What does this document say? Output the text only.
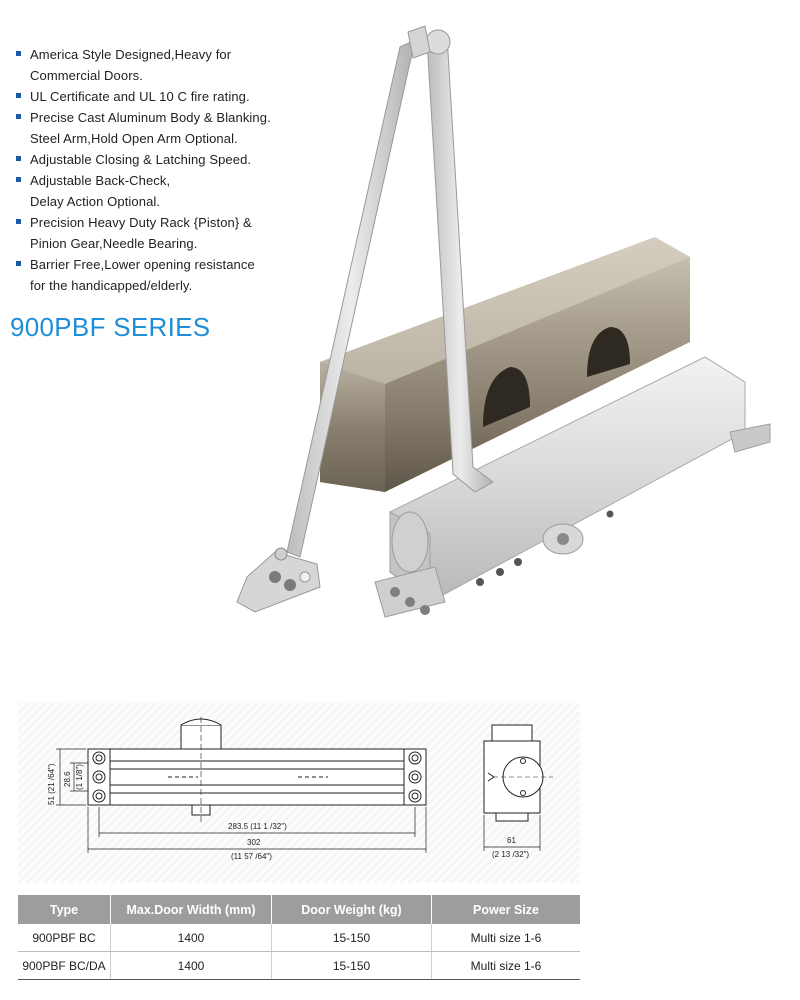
America Style Designed,Heavy for
Commercial Doors.
UL Certificate and UL 10 C fire rating.
Precise Cast Aluminum Body & Blanking.
Steel Arm,Hold Open Arm Optional.
Adjustable Closing & Latching Speed.
Adjustable Back-Check,
Delay Action Optional.
Precision Heavy Duty Rack {Piston} &
Pinion Gear,Needle Bearing.
Barrier Free,Lower opening resistance
for the handicapped/elderly.
900PBF SERIES
51 (21 /64") 28.6 (1 1/8")
283.5 (11 1 /32")
302
(11 57 /64")
61
(2 13 /32")
Type	Max.Door Width (mm)	Door Weight (kg)	Power Size
900PBF BC	1400	15-150	Multi size 1-6
900PBF BC/DA	1400	15-150	Multi size 1-6
